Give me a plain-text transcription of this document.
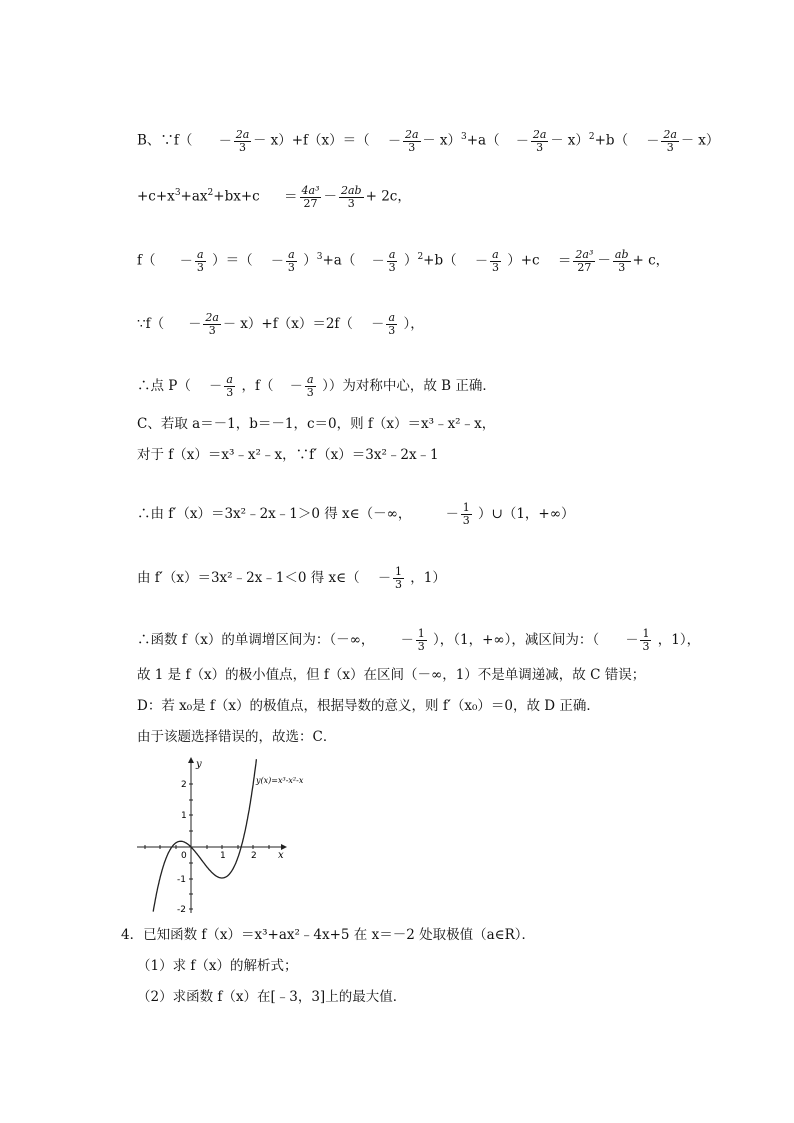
B、∵f（ － $\frac{2a}{3} - x)+f(x)=( - \frac{2a}{3} - x)^3+a( - \frac{2a}{3} - x)^2+b( - \frac{2a}{3} - x)$
$+c+x^3+ax^2+bx+c = \frac{\text{4a³}}{27} - \frac{2ab}{3} + 2c$，
$f( - \frac{a}{3}$ ）＝（ － $\frac{a}{3} )^3+a( - \frac{a}{3} )^2+b( - \frac{a}{3} )+c = \frac{\text{2a³}}{27} - \frac{ab}{3} + c$，
∵f（ － $\frac{2a}{3} - x)+f(x)=2f( - \frac{a}{3}$ ），
∴点 $P( - \frac{a}{3}$ ，$f( - \frac{a}{3}$ ））为对称中心，故 B 正确．
C、若取 a＝－1，b＝－1，c＝0，则 f（x）＝x³﹣x²﹣x，
对于 f（x）＝x³﹣x²﹣x，∵f′（x）＝3x²﹣2x﹣1
∴由 f′（x）＝3x²﹣2x﹣1＞0 得 x∈（－∞，	－ $\frac{1}{3}$ ）∪（1，+∞）
由 f′（x）＝3x²﹣2x﹣1＜0 得 x∈（ － $\frac{1}{3}$ ，1）
∴函数 f（x）的单调增区间为：（－∞， － $\frac{1}{3}$ ），（1，+∞），减区间为：（ － $\frac{1}{3}$ ，1），
故 1 是 f（x）的极小值点，但 f（x）在区间（－∞，1）不是单调递减，故 C 错误；
D：若 x₀是 f（x）的极值点，根据导数的意义，则 f′（x₀）＝0，故 D 正确．
由于该题选择错误的，故选：C．
2
1
-1
-2
1	2
0	x
y
y(x)=x³-x²-x
4．已知函数 f（x）＝x³+ax²﹣4x+5 在 x＝－2 处取极值（a∈R）．
（1）求 f（x）的解析式；
（2）求函数 f（x）在[﹣3，3]上的最大值．
